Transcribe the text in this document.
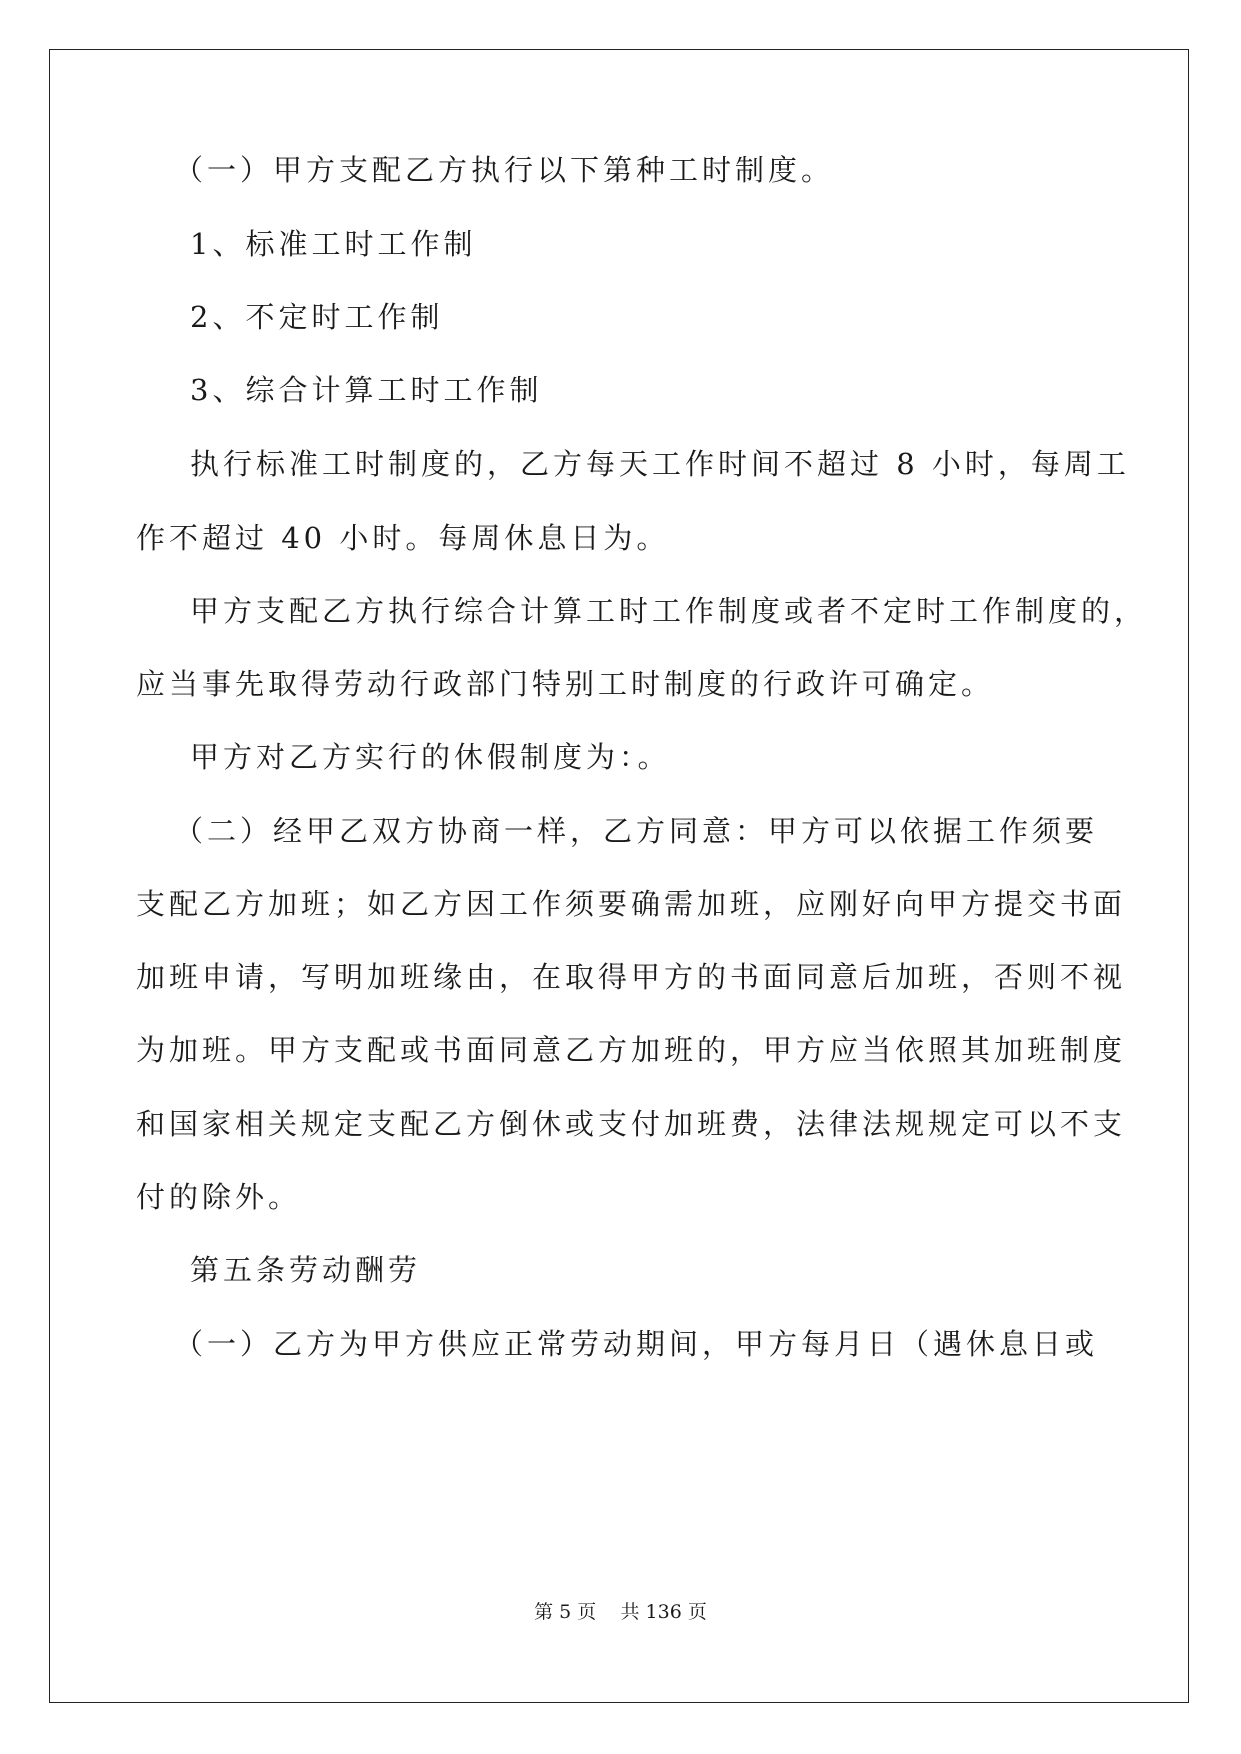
（一）甲方支配乙方执行以下第种工时制度。
1、标准工时工作制
2、不定时工作制
3、综合计算工时工作制
执行标准工时制度的，乙方每天工作时间不超过 8 小时，每周工
作不超过 40 小时。每周休息日为。
甲方支配乙方执行综合计算工时工作制度或者不定时工作制度的，
应当事先取得劳动行政部门特别工时制度的行政许可确定。
甲方对乙方实行的休假制度为：。
（二）经甲乙双方协商一样，乙方同意：甲方可以依据工作须要
支配乙方加班；如乙方因工作须要确需加班，应刚好向甲方提交书面
加班申请，写明加班缘由，在取得甲方的书面同意后加班，否则不视
为加班。甲方支配或书面同意乙方加班的，甲方应当依照其加班制度
和国家相关规定支配乙方倒休或支付加班费，法律法规规定可以不支
付的除外。
第五条劳动酬劳
（一）乙方为甲方供应正常劳动期间，甲方每月日（遇休息日或
第 5 页 共 136 页
